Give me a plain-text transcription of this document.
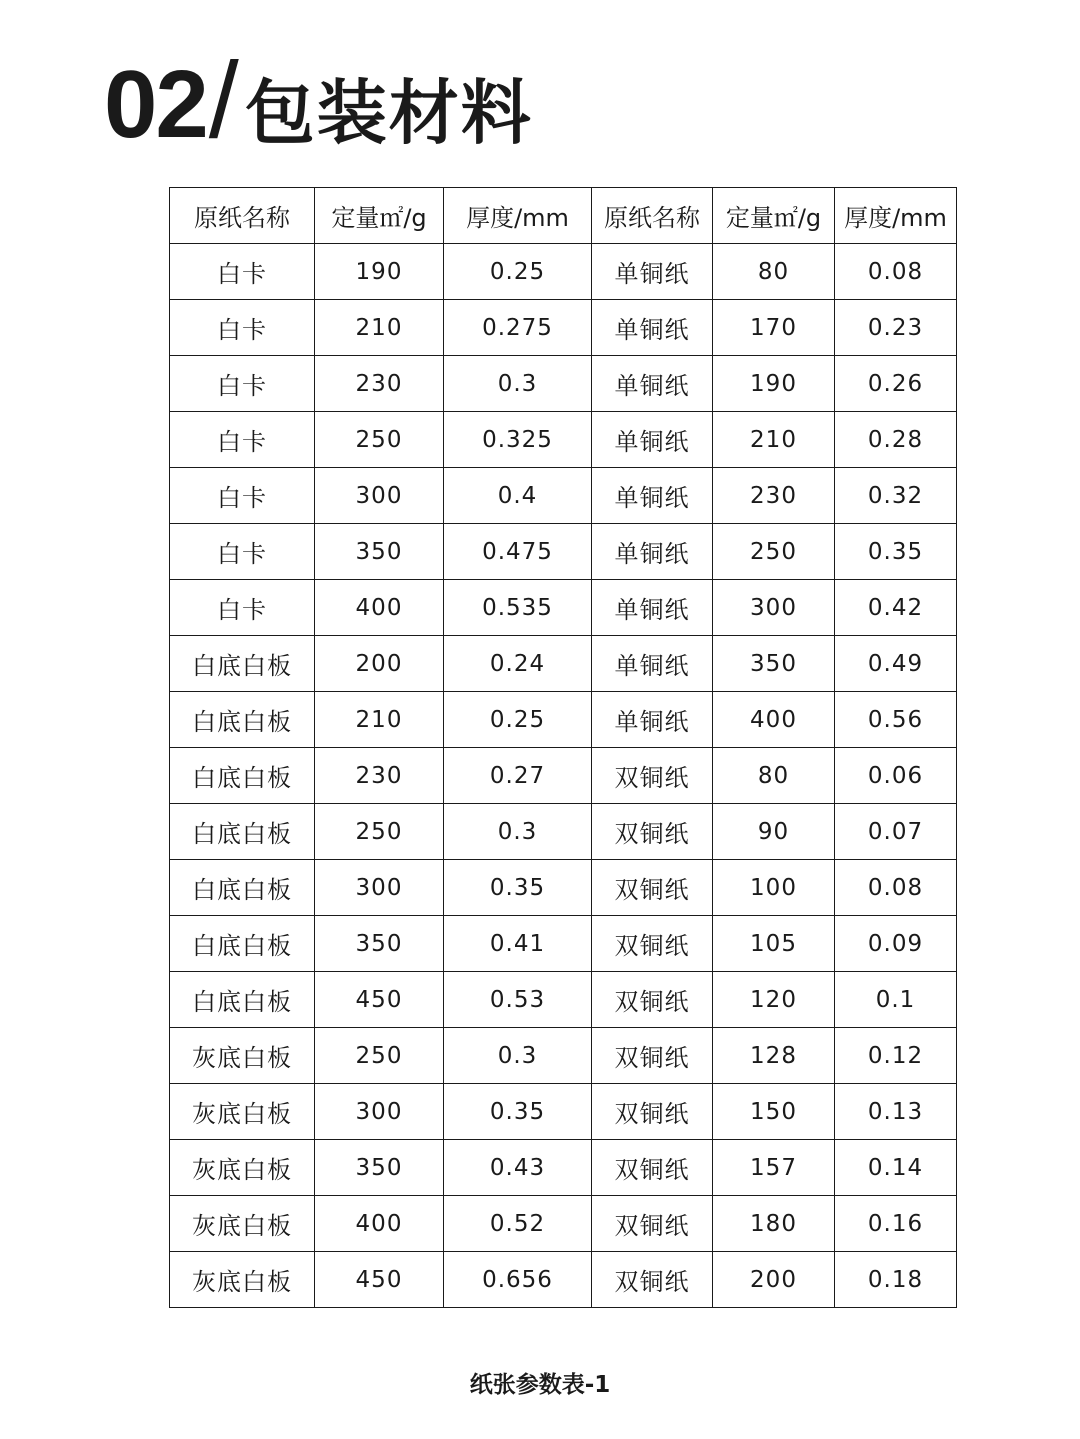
02 / 包装材料
原纸名称	定量㎡/g	厚度/mm	原纸名称	定量㎡/g	厚度/mm
白卡	190	0.25	单铜纸	80	0.08
白卡	210	0.275	单铜纸	170	0.23
白卡	230	0.3	单铜纸	190	0.26
白卡	250	0.325	单铜纸	210	0.28
白卡	300	0.4	单铜纸	230	0.32
白卡	350	0.475	单铜纸	250	0.35
白卡	400	0.535	单铜纸	300	0.42
白底白板	200	0.24	单铜纸	350	0.49
白底白板	210	0.25	单铜纸	400	0.56
白底白板	230	0.27	双铜纸	80	0.06
白底白板	250	0.3	双铜纸	90	0.07
白底白板	300	0.35	双铜纸	100	0.08
白底白板	350	0.41	双铜纸	105	0.09
白底白板	450	0.53	双铜纸	120	0.1
灰底白板	250	0.3	双铜纸	128	0.12
灰底白板	300	0.35	双铜纸	150	0.13
灰底白板	350	0.43	双铜纸	157	0.14
灰底白板	400	0.52	双铜纸	180	0.16
灰底白板	450	0.656	双铜纸	200	0.18
纸张参数表-1
